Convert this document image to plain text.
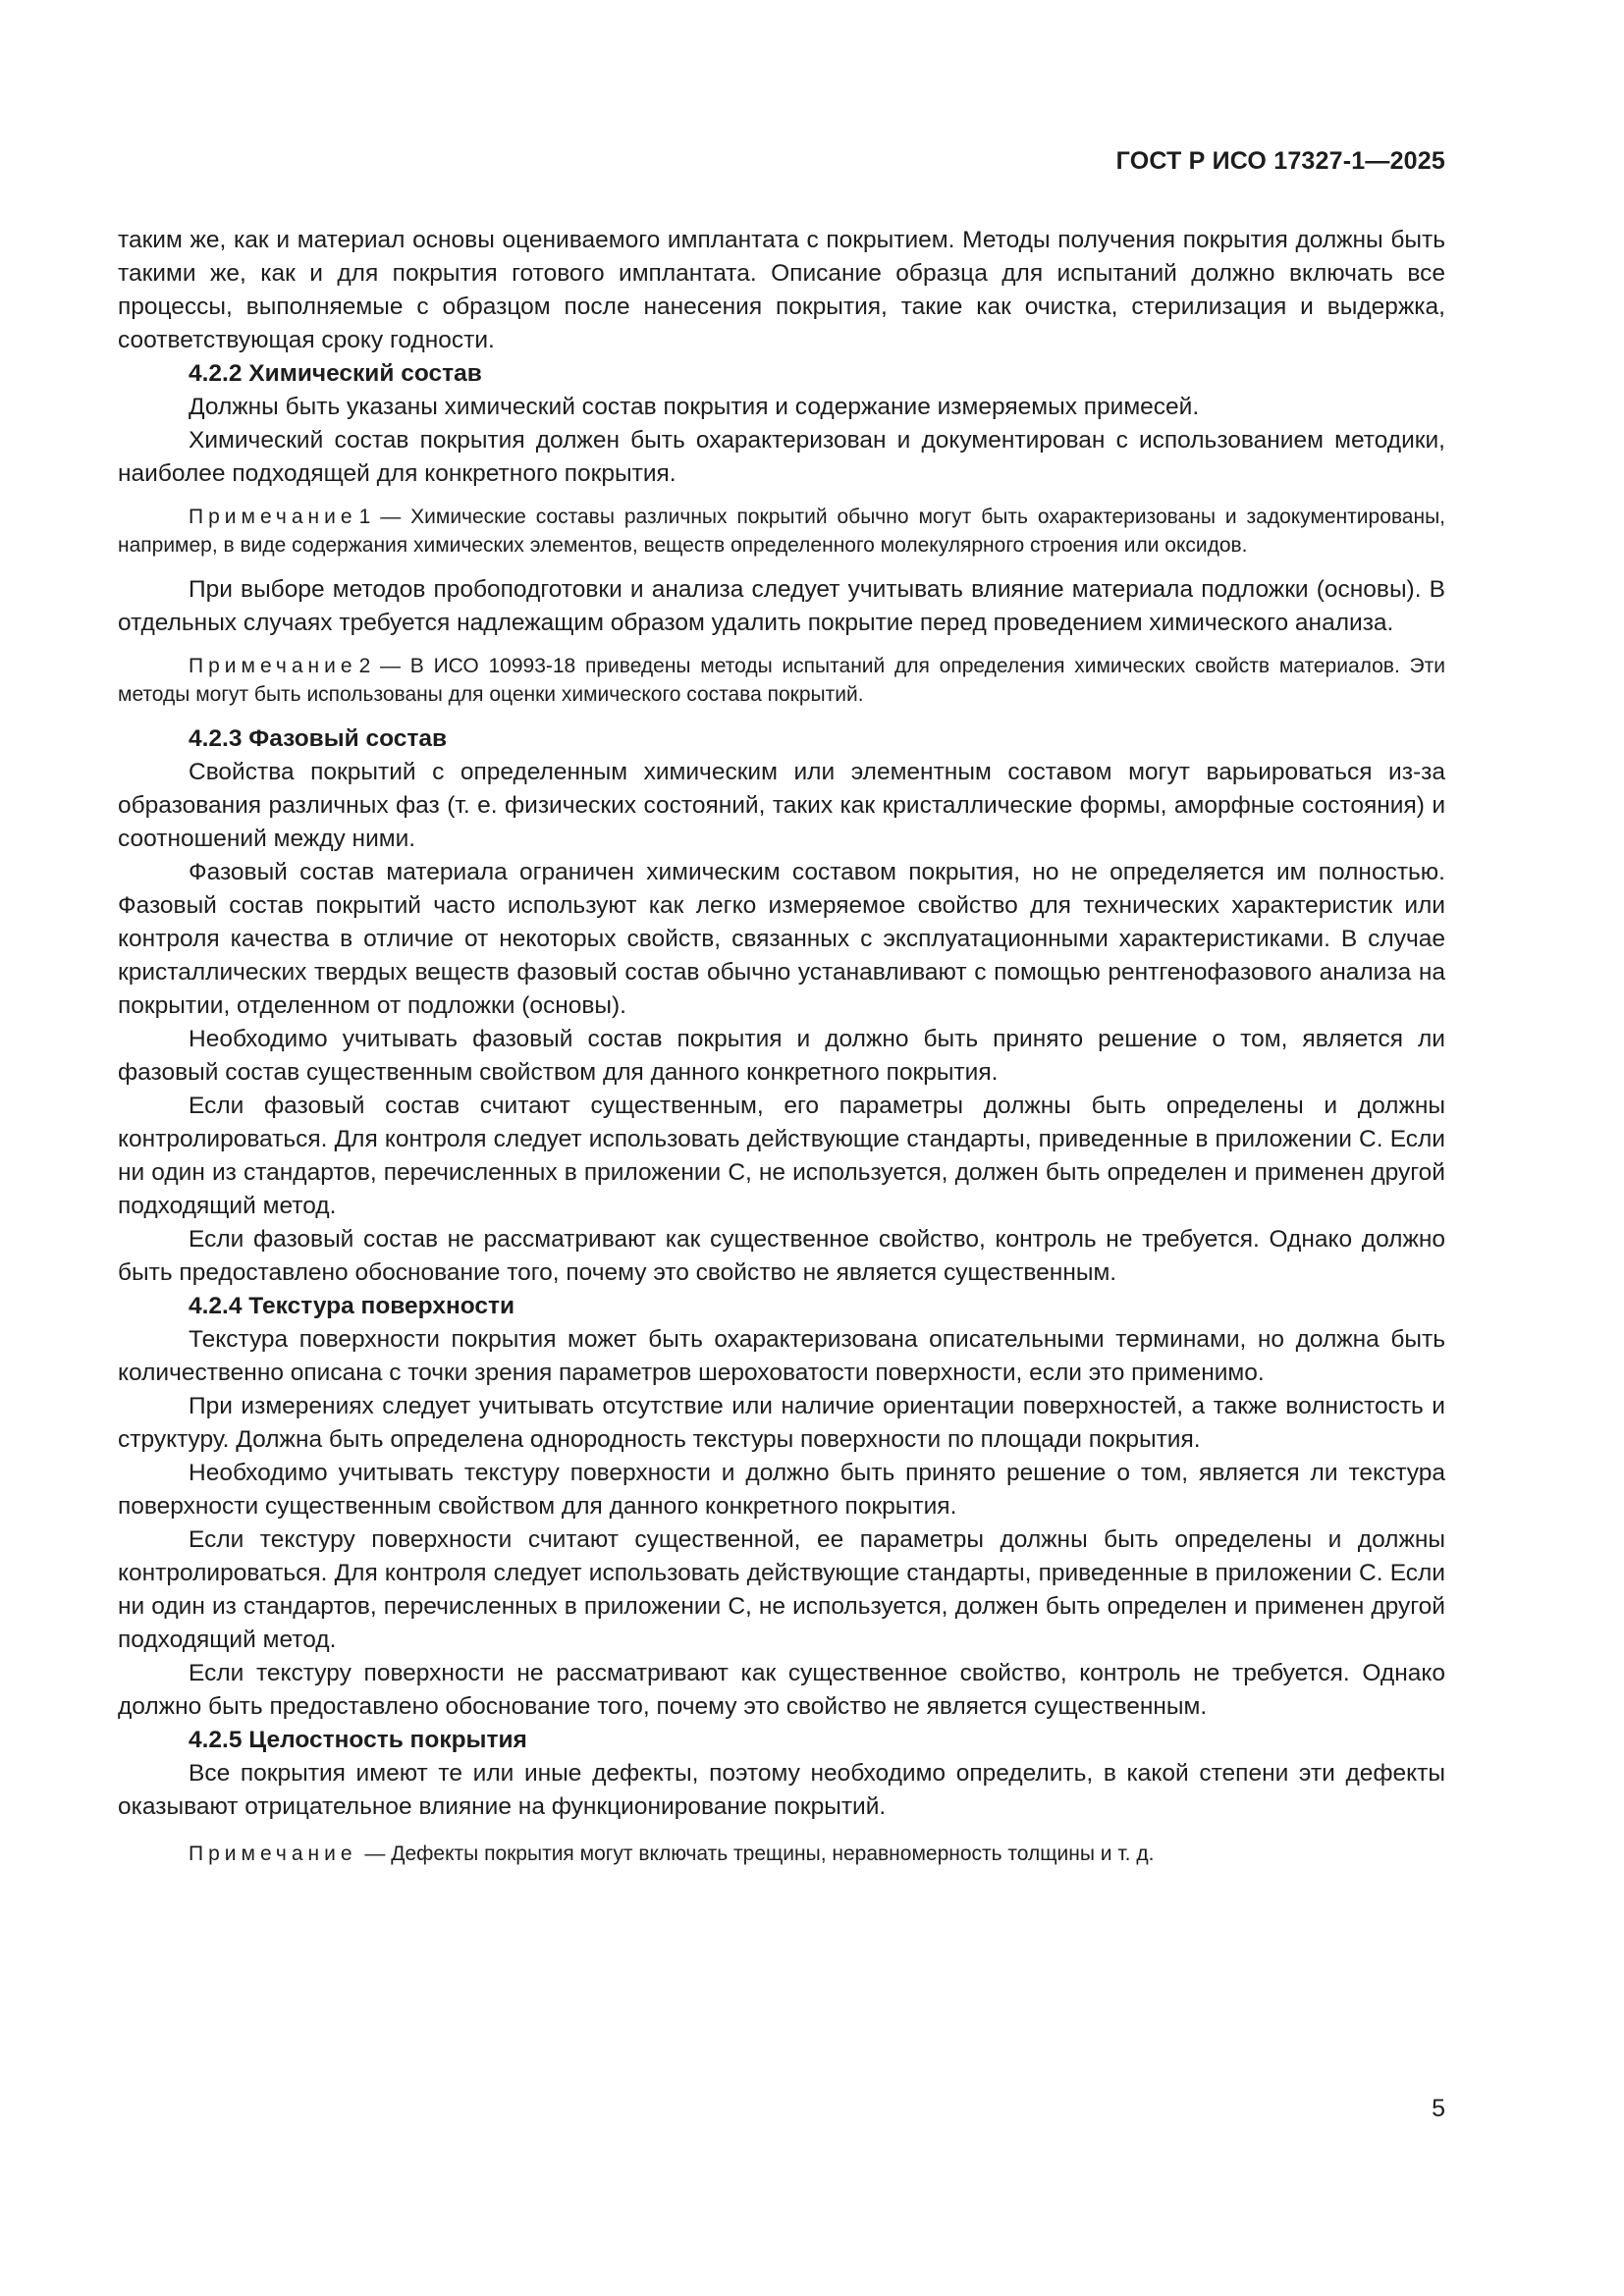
ГОСТ Р ИСО 17327-1—2025
таким же, как и материал основы оцениваемого имплантата с покрытием. Методы получения покрытия должны быть такими же, как и для покрытия готового имплантата. Описание образца для испытаний должно включать все процессы, выполняемые с образцом после нанесения покрытия, такие как очистка, стерилизация и выдержка, соответствующая сроку годности.
4.2.2 Химический состав
Должны быть указаны химический состав покрытия и содержание измеряемых примесей.
Химический состав покрытия должен быть охарактеризован и документирован с использованием методики, наиболее подходящей для конкретного покрытия.
Примечание1 — Химические составы различных покрытий обычно могут быть охарактеризованы и задокументированы, например, в виде содержания химических элементов, веществ определенного молекулярного строения или оксидов.
При выборе методов пробоподготовки и анализа следует учитывать влияние материала подложки (основы). В отдельных случаях требуется надлежащим образом удалить покрытие перед проведением химического анализа.
Примечание2 — В ИСО 10993-18 приведены методы испытаний для определения химических свойств материалов. Эти методы могут быть использованы для оценки химического состава покрытий.
4.2.3 Фазовый состав
Свойства покрытий с определенным химическим или элементным составом могут варьироваться из-за образования различных фаз (т. е. физических состояний, таких как кристаллические формы, аморфные состояния) и соотношений между ними.
Фазовый состав материала ограничен химическим составом покрытия, но не определяется им полностью. Фазовый состав покрытий часто используют как легко измеряемое свойство для технических характеристик или контроля качества в отличие от некоторых свойств, связанных с эксплуатационными характеристиками. В случае кристаллических твердых веществ фазовый состав обычно устанавливают с помощью рентгенофазового анализа на покрытии, отделенном от подложки (основы).
Необходимо учитывать фазовый состав покрытия и должно быть принято решение о том, является ли фазовый состав существенным свойством для данного конкретного покрытия.
Если фазовый состав считают существенным, его параметры должны быть определены и должны контролироваться. Для контроля следует использовать действующие стандарты, приведенные в приложении С. Если ни один из стандартов, перечисленных в приложении С, не используется, должен быть определен и применен другой подходящий метод.
Если фазовый состав не рассматривают как существенное свойство, контроль не требуется. Однако должно быть предоставлено обоснование того, почему это свойство не является существенным.
4.2.4 Текстура поверхности
Текстура поверхности покрытия может быть охарактеризована описательными терминами, но должна быть количественно описана с точки зрения параметров шероховатости поверхности, если это применимо.
При измерениях следует учитывать отсутствие или наличие ориентации поверхностей, а также волнистость и структуру. Должна быть определена однородность текстуры поверхности по площади покрытия.
Необходимо учитывать текстуру поверхности и должно быть принято решение о том, является ли текстура поверхности существенным свойством для данного конкретного покрытия.
Если текстуру поверхности считают существенной, ее параметры должны быть определены и должны контролироваться. Для контроля следует использовать действующие стандарты, приведенные в приложении С. Если ни один из стандартов, перечисленных в приложении С, не используется, должен быть определен и применен другой подходящий метод.
Если текстуру поверхности не рассматривают как существенное свойство, контроль не требуется. Однако должно быть предоставлено обоснование того, почему это свойство не является существенным.
4.2.5 Целостность покрытия
Все покрытия имеют те или иные дефекты, поэтому необходимо определить, в какой степени эти дефекты оказывают отрицательное влияние на функционирование покрытий.
Примечание — Дефекты покрытия могут включать трещины, неравномерность толщины и т. д.
5
